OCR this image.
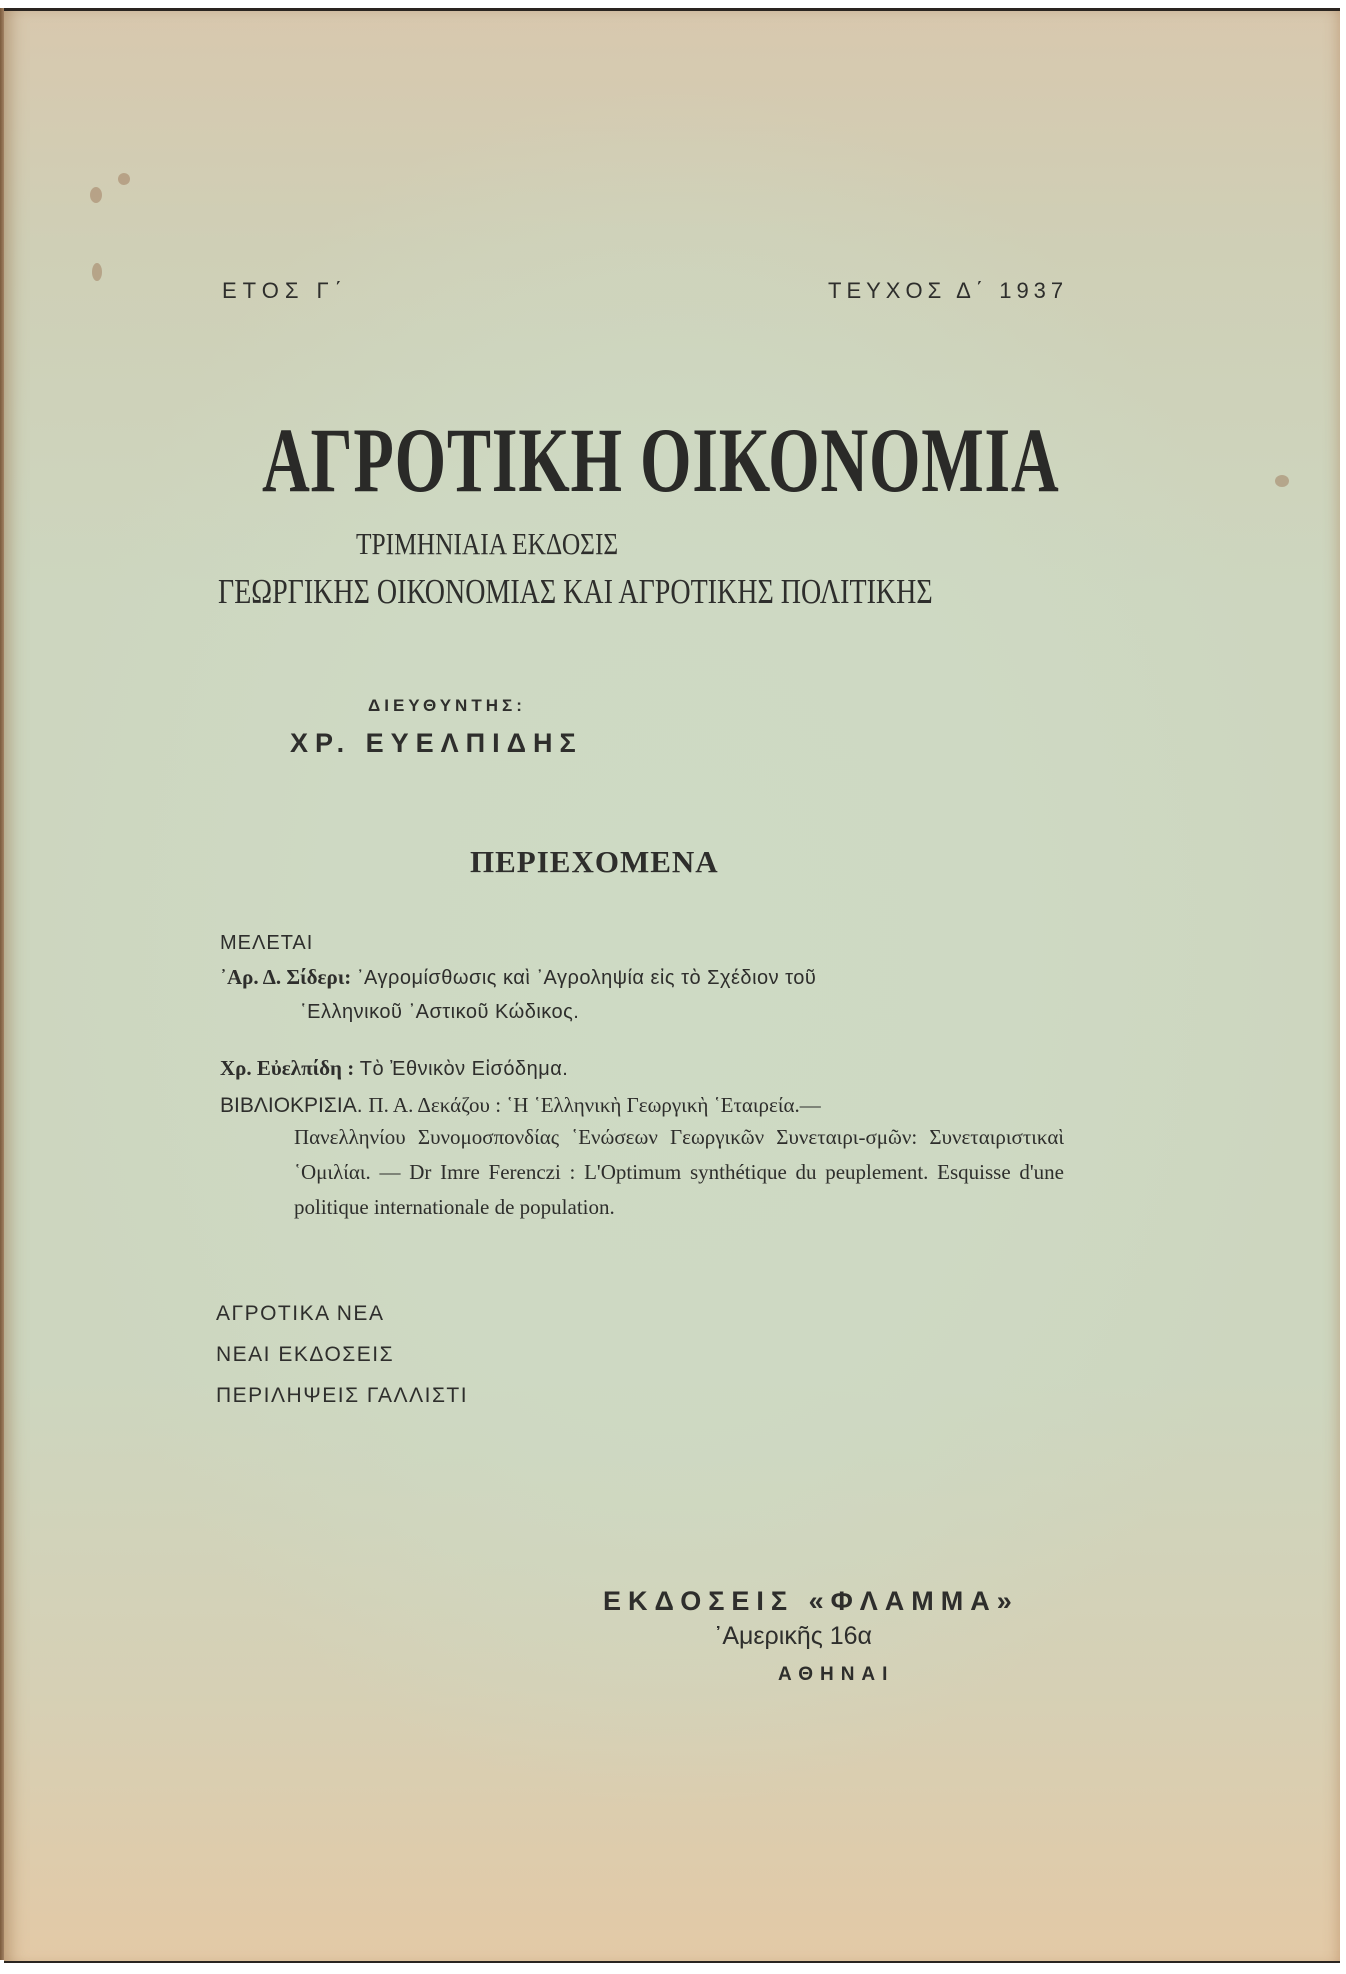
ΕΤΟΣ Γ΄	ΤΕΥΧΟΣ Δ΄ 1937
ΑΓΡΟΤΙΚΗ ΟΙΚΟΝΟΜΙΑ
ΤΡΙΜΗΝΙΑΙΑ ΕΚΔΟΣΙΣ
ΓΕΩΡΓΙΚΗΣ ΟΙΚΟΝΟΜΙΑΣ ΚΑΙ ΑΓΡΟΤΙΚΗΣ ΠΟΛΙΤΙΚΗΣ
ΔΙΕΥΘΥΝΤΗΣ:
ΧΡ. ΕΥΕΛΠΙΔΗΣ
ΠΕΡΙΕΧΟΜΕΝΑ
ΜΕΛΕΤΑΙ
᾿Αρ. Δ. Σίδερι: ᾿Αγρομίσθωσις καὶ ᾿Αγροληψία εἰς τὸ Σχέδιον τοῦ
῾Ελληνικοῦ ᾿Αστικοῦ Κώδικος.
Χρ. Εὐελπίδη : Τὸ Ἐθνικὸν Εἰσόδημα.
ΒΙΒΛΙΟΚΡΙΣΙΑ. Π. Α. Δεκάζου : ῾Η ῾Ελληνικὴ Γεωργικὴ ῾Εταιρεία.—
Πανελληνίου Συνομοσπονδίας ῾Ενώσεων Γεωργικῶν Συνεταιρι-σμῶν: Συνεταιριστικαὶ ῾Ομιλίαι. — Dr Imre Ferenczi : L'Optimum synthétique du peuplement. Esquisse d'une politique internationale de population.
ΑΓΡΟΤΙΚΑ ΝΕΑ
ΝΕΑΙ ΕΚΔΟΣΕΙΣ
ΠΕΡΙΛΗΨΕΙΣ ΓΑΛΛΙΣΤΙ
ΕΚΔΟΣΕΙΣ «ΦΛΑΜΜΑ»
᾿Αμερικῆς 16α
ΑΘΗΝΑΙ
